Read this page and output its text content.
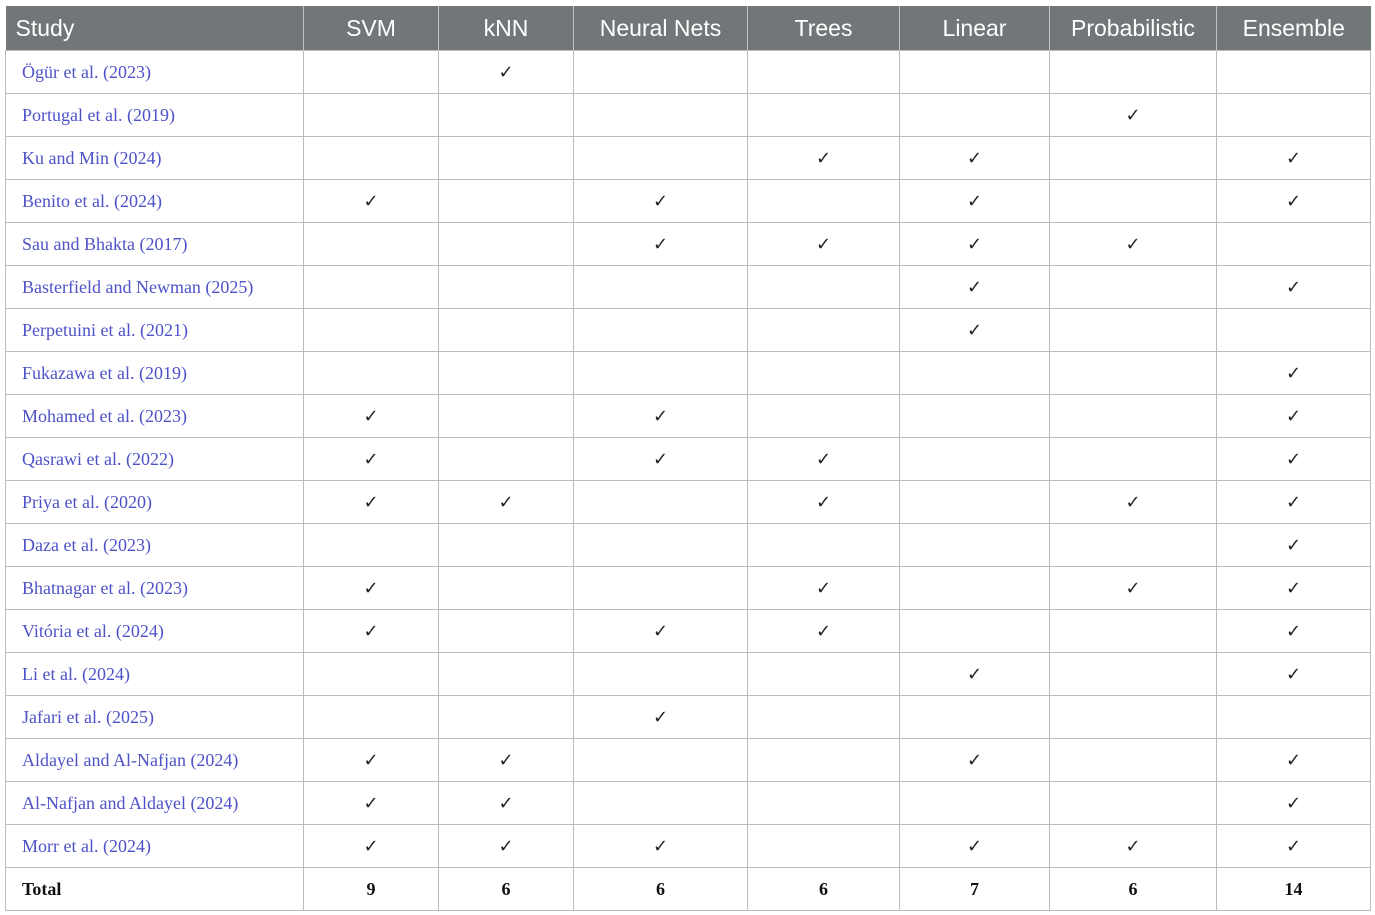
Study	SVM	kNN	Neural Nets	Trees	Linear	Probabilistic	Ensemble
Ögür et al. (2023)		✓					
Portugal et al. (2019)						✓	
Ku and Min (2024)				✓	✓		✓
Benito et al. (2024)	✓		✓		✓		✓
Sau and Bhakta (2017)			✓	✓	✓	✓	
Basterfield and Newman (2025)					✓		✓
Perpetuini et al. (2021)					✓		
Fukazawa et al. (2019)							✓
Mohamed et al. (2023)	✓		✓				✓
Qasrawi et al. (2022)	✓		✓	✓			✓
Priya et al. (2020)	✓	✓		✓		✓	✓
Daza et al. (2023)							✓
Bhatnagar et al. (2023)	✓			✓		✓	✓
Vitória et al. (2024)	✓		✓	✓			✓
Li et al. (2024)					✓		✓
Jafari et al. (2025)			✓				
Aldayel and Al-Nafjan (2024)	✓	✓			✓		✓
Al-Nafjan and Aldayel (2024)	✓	✓					✓
Morr et al. (2024)	✓	✓	✓		✓	✓	✓
Total	9	6	6	6	7	6	14
